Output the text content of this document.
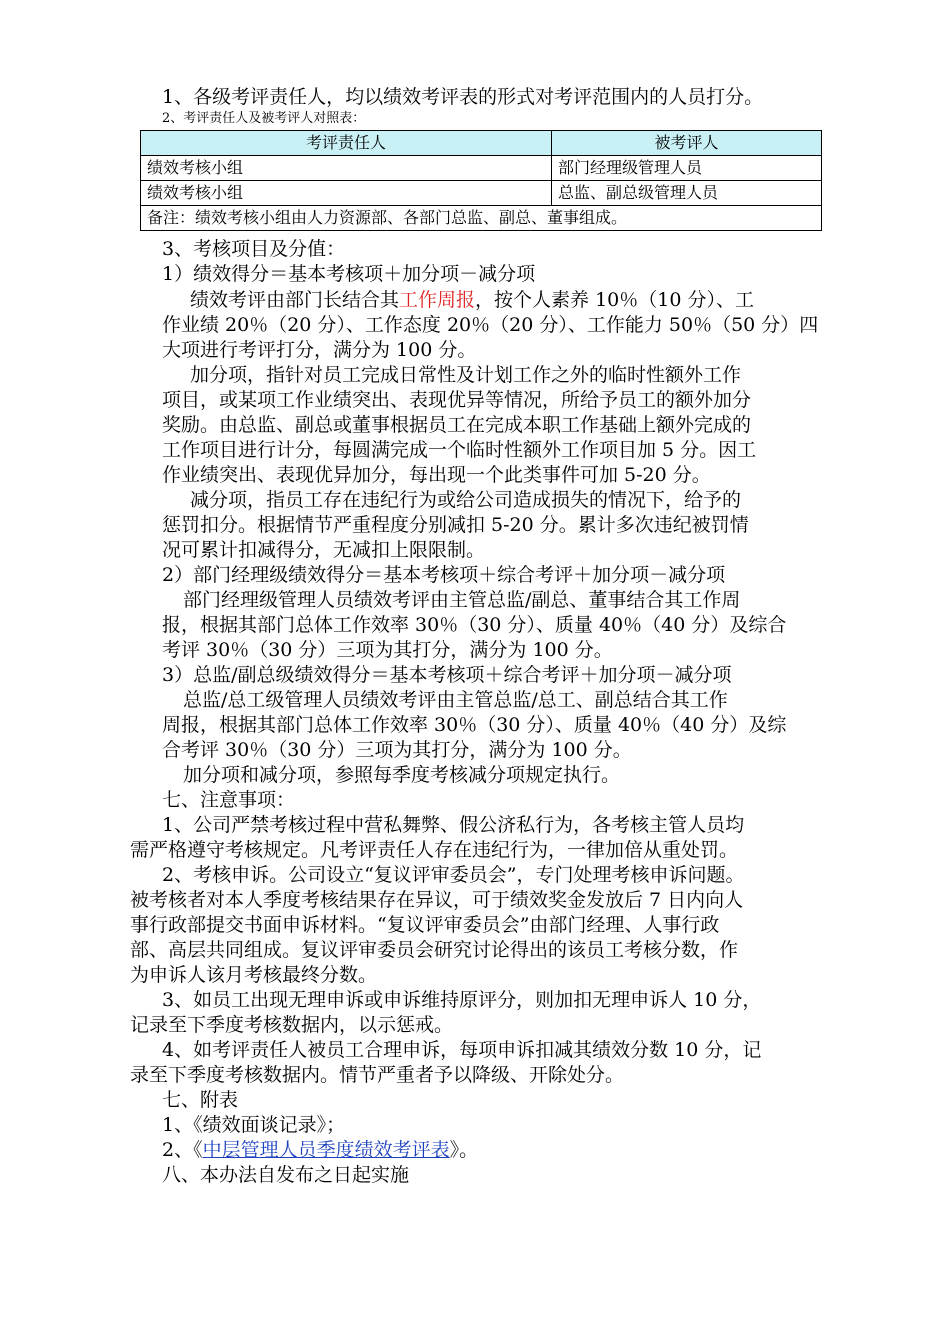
1、各级考评责任人，均以绩效考评表的形式对考评范围内的人员打分。
2、考评责任人及被考评人对照表：
考评责任人	被考评人
绩效考核小组	部门经理级管理人员
绩效考核小组	总监、副总级管理人员
备注：绩效考核小组由人力资源部、各部门总监、副总、董事组成。	
3、考核项目及分值：
1）绩效得分＝基本考核项＋加分项－减分项
绩效考评由部门长结合其工作周报，按个人素养 10％（10 分）、工
作业绩 20％（20 分）、工作态度 20％（20 分）、工作能力 50％（50 分）四
大项进行考评打分，满分为 100 分。
加分项，指针对员工完成日常性及计划工作之外的临时性额外工作
项目，或某项工作业绩突出、表现优异等情况，所给予员工的额外加分
奖励。由总监、副总或董事根据员工在完成本职工作基础上额外完成的
工作项目进行计分，每圆满完成一个临时性额外工作项目加 5 分。因工
作业绩突出、表现优异加分，每出现一个此类事件可加 5-20 分。
减分项，指员工存在违纪行为或给公司造成损失的情况下，给予的
惩罚扣分。根据情节严重程度分别减扣 5-20 分。累计多次违纪被罚情
况可累计扣减得分，无减扣上限限制。
2）部门经理级绩效得分＝基本考核项＋综合考评＋加分项－减分项
部门经理级管理人员绩效考评由主管总监/副总、董事结合其工作周
报，根据其部门总体工作效率 30％（30 分）、质量 40％（40 分）及综合
考评 30％（30 分）三项为其打分，满分为 100 分。
3）总监/副总级绩效得分＝基本考核项＋综合考评＋加分项－减分项
总监/总工级管理人员绩效考评由主管总监/总工、副总结合其工作
周报，根据其部门总体工作效率 30％（30 分）、质量 40％（40 分）及综
合考评 30％（30 分）三项为其打分，满分为 100 分。
加分项和减分项，参照每季度考核减分项规定执行。
七、注意事项：
1、公司严禁考核过程中营私舞弊、假公济私行为，各考核主管人员均
需严格遵守考核规定。凡考评责任人存在违纪行为，一律加倍从重处罚。
2、考核申诉。公司设立“复议评审委员会”，专门处理考核申诉问题。
被考核者对本人季度考核结果存在异议，可于绩效奖金发放后 7 日内向人
事行政部提交书面申诉材料。“复议评审委员会”由部门经理、人事行政
部、高层共同组成。复议评审委员会研究讨论得出的该员工考核分数，作
为申诉人该月考核最终分数。
3、如员工出现无理申诉或申诉维持原评分，则加扣无理申诉人 10 分，
记录至下季度考核数据内，以示惩戒。
4、如考评责任人被员工合理申诉，每项申诉扣减其绩效分数 10 分，记
录至下季度考核数据内。情节严重者予以降级、开除处分。
七、附表
1、《绩效面谈记录》；
2、《中层管理人员季度绩效考评表》。
八、本办法自发布之日起实施
